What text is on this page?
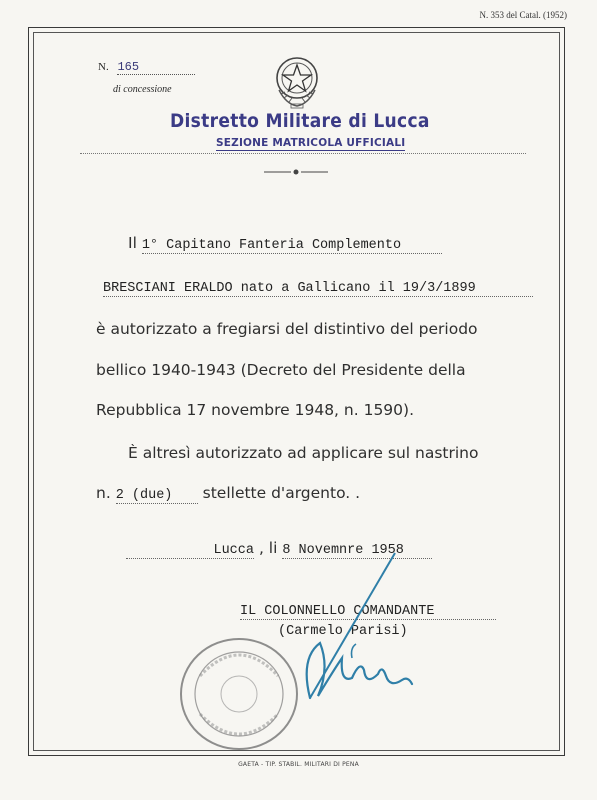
N. 353 del Catal. (1952)
N. 165
di concessione
Distretto Militare di Lucca
SEZIONE MATRICOLA UFFICIALI
Il 1° Capitano Fanteria Complemento
BRESCIANI ERALDO nato a Gallicano il 19/3/1899
è autorizzato a fregiarsi del distintivo del periodo
bellico 1940-1943 (Decreto del Presidente della
Repubblica 17 novembre 1948, n. 1590).
È altresì autorizzato ad applicare sul nastrino
n. 2 (due) stellette d'argento. .
Lucca , li 8 Novemnre 1958
IL COLONNELLO COMANDANTE
(Carmelo Parisi)
GAETA - TIP. STABIL. MILITARI DI PENA
